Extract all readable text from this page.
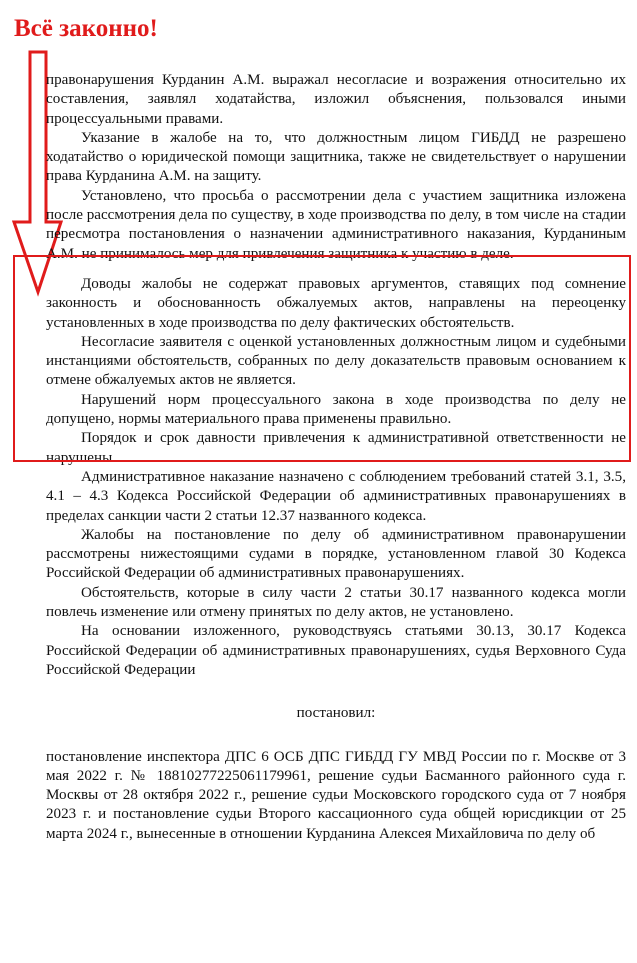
Всё законно!

правонарушения Курданин А.М. выражал несогласие и возражения относительно их составления, заявлял ходатайства, изложил объяснения, пользовался иными процессуальными правами.

Указание в жалобе на то, что должностным лицом ГИБДД не разрешено ходатайство о юридической помощи защитника, также не свидетельствует о нарушении права Курданина А.М. на защиту.

Установлено, что просьба о рассмотрении дела с участием защитника изложена после рассмотрения дела по существу, в ходе производства по делу, в том числе на стадии пересмотра постановления о назначении административного наказания, Курданиным А.М. не принималось мер для привлечения защитника к участию в деле.

Доводы жалобы не содержат правовых аргументов, ставящих под сомнение законность и обоснованность обжалуемых актов, направлены на переоценку установленных в ходе производства по делу фактических обстоятельств.

Несогласие заявителя с оценкой установленных должностным лицом и судебными инстанциями обстоятельств, собранных по делу доказательств правовым основанием к отмене обжалуемых актов не является.

Нарушений норм процессуального закона в ходе производства по делу не допущено, нормы материального права применены правильно.

Порядок и срок давности привлечения к административной ответственности не нарушены.

Административное наказание назначено с соблюдением требований статей 3.1, 3.5, 4.1 – 4.3 Кодекса Российской Федерации об административных правонарушениях в пределах санкции части 2 статьи 12.37 названного кодекса.

Жалобы на постановление по делу об административном правонарушении рассмотрены нижестоящими судами в порядке, установленном главой 30 Кодекса Российской Федерации об административных правонарушениях.

Обстоятельств, которые в силу части 2 статьи 30.17 названного кодекса могли повлечь изменение или отмену принятых по делу актов, не установлено.

На основании изложенного, руководствуясь статьями 30.13, 30.17 Кодекса Российской Федерации об административных правонарушениях, судья Верховного Суда Российской Федерации

постановил:

постановление инспектора ДПС 6 ОСБ ДПС ГИБДД ГУ МВД России по г. Москве от 3 мая 2022 г. № 18810277225061179961, решение судьи Басманного районного суда г. Москвы от 28 октября 2022 г., решение судьи Московского городского суда от 7 ноября 2023 г. и постановление судьи Второго кассационного суда общей юрисдикции от 25 марта 2024 г., вынесенные в отношении Курданина Алексея Михайловича по делу об
